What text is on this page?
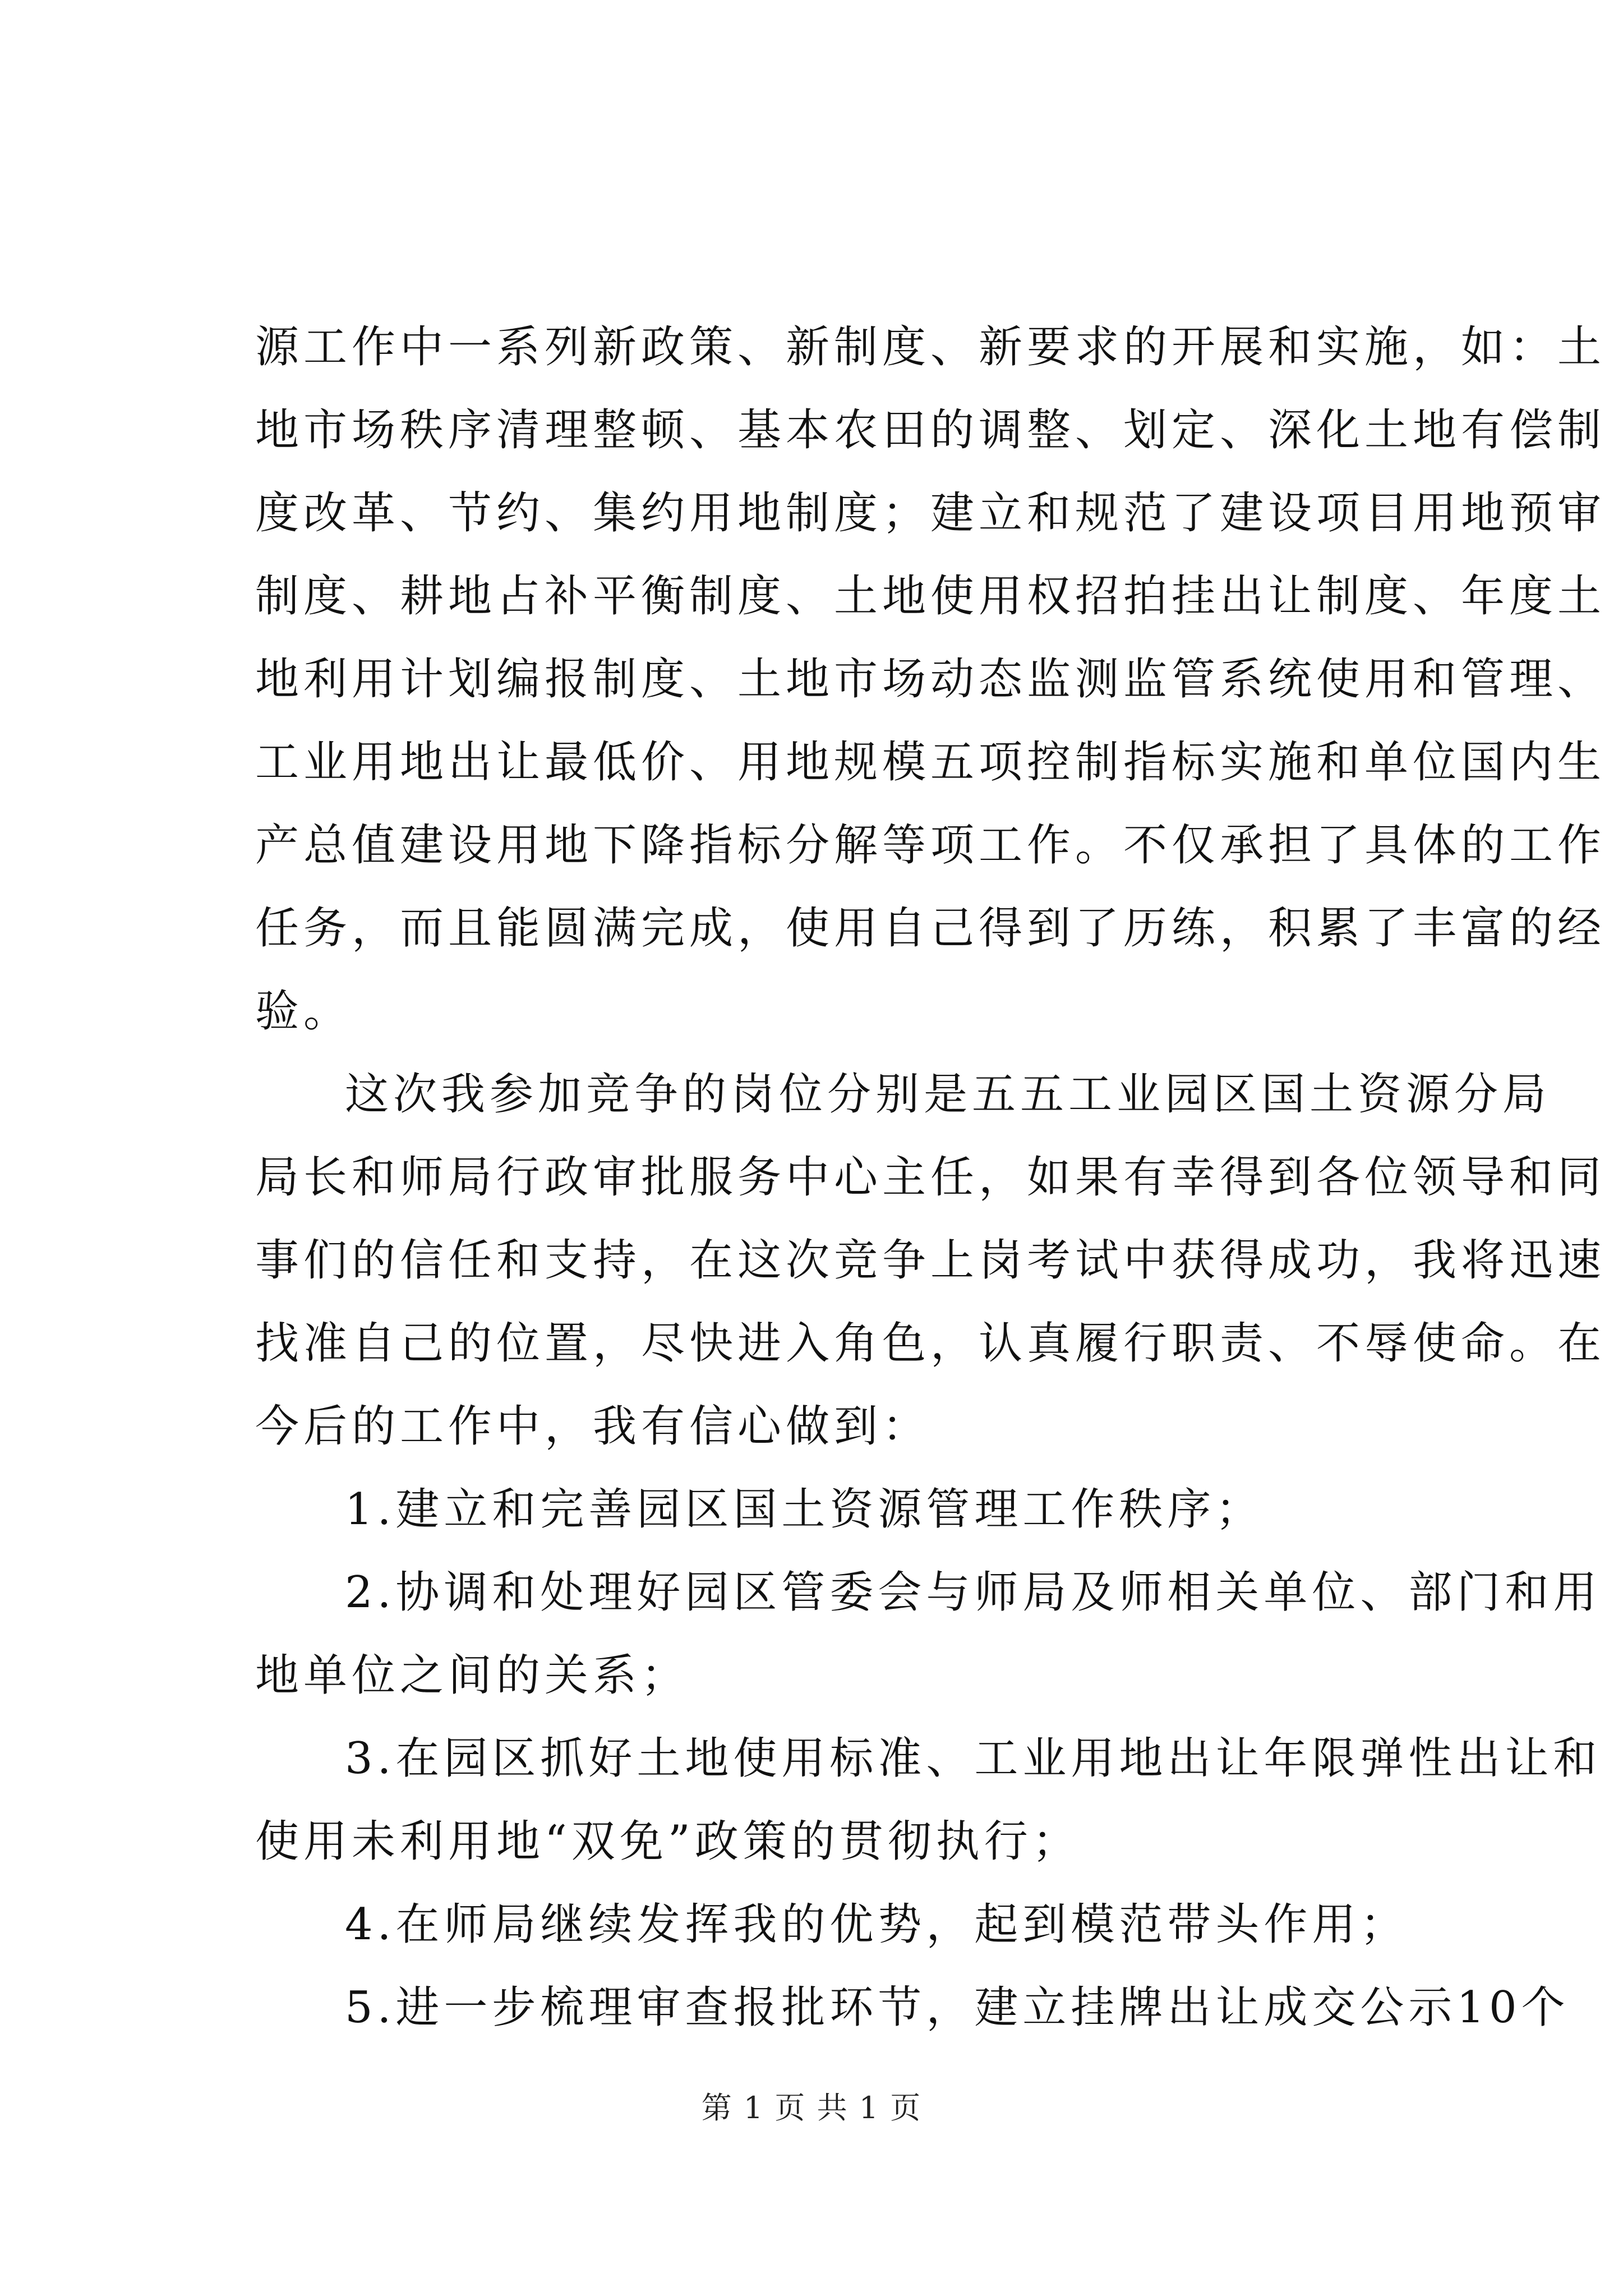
源工作中一系列新政策、新制度、新要求的开展和实施，如：土
地市场秩序清理整顿、基本农田的调整、划定、深化土地有偿制
度改革、节约、集约用地制度；建立和规范了建设项目用地预审
制度、耕地占补平衡制度、土地使用权招拍挂出让制度、年度土
地利用计划编报制度、土地市场动态监测监管系统使用和管理、
工业用地出让最低价、用地规模五项控制指标实施和单位国内生
产总值建设用地下降指标分解等项工作。不仅承担了具体的工作
任务，而且能圆满完成，使用自己得到了历练，积累了丰富的经
验。
这次我参加竞争的岗位分别是五五工业园区国土资源分局
局长和师局行政审批服务中心主任，如果有幸得到各位领导和同
事们的信任和支持，在这次竞争上岗考试中获得成功，我将迅速
找准自己的位置，尽快进入角色，认真履行职责、不辱使命。在
今后的工作中，我有信心做到：
1.建立和完善园区国土资源管理工作秩序；
2.协调和处理好园区管委会与师局及师相关单位、部门和用
地单位之间的关系；
3.在园区抓好土地使用标准、工业用地出让年限弹性出让和
使用未利用地“双免”政策的贯彻执行；
4.在师局继续发挥我的优势，起到模范带头作用；
5.进一步梳理审查报批环节，建立挂牌出让成交公示10个
第 1 页 共 1 页
